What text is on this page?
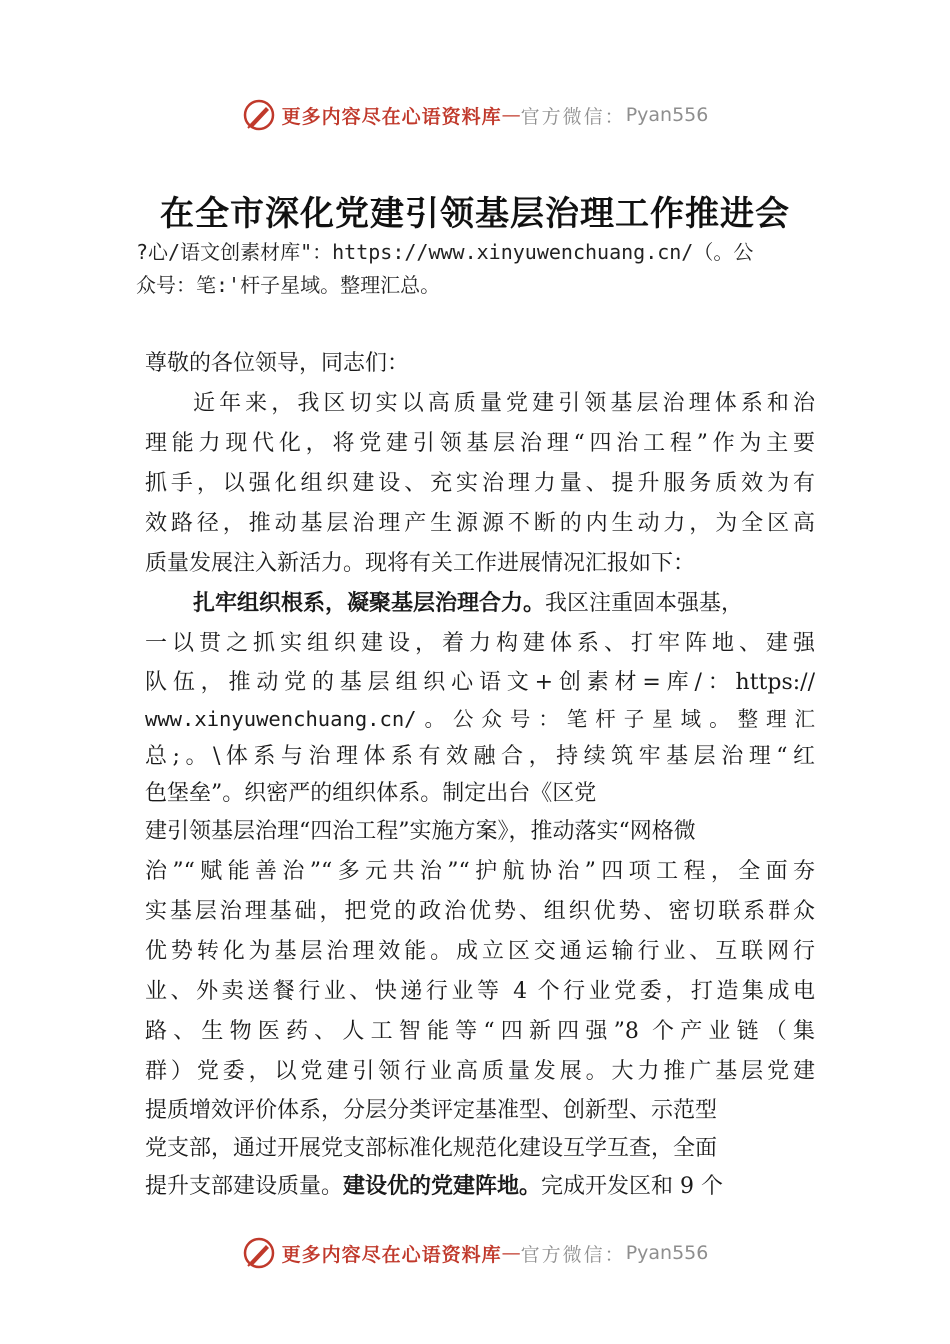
更多内容尽在心语资料库 — 官方微信： Pyan556
在全市深化党建引领基层治理工作推进会
?心/语文创素材库"：https://www.xinyuwenchuang.cn/（。公
众号：笔:'杆子星域。整理汇总。
尊敬的各位领导，同志们：
近年来，我区切实以高质量党建引领基层治理体系和治
理能力现代化，将党建引领基层治理“四治工程”作为主要
抓手，以强化组织建设、充实治理力量、提升服务质效为有
效路径，推动基层治理产生源源不断的内生动力，为全区高
质量发展注入新活力。现将有关工作进展情况汇报如下：
扎牢组织根系，凝聚基层治理合力。我区注重固本强基，
一以贯之抓实组织建设，着力构建体系、打牢阵地、建强
队伍，推动党的基层组织心语文+创素材=库/：https://
www.xinyuwenchuang.cn/。公众号：笔杆子星域。整理汇
总;。\体系与治理体系有效融合，持续筑牢基层治理“红
色堡垒”。织密严的组织体系。制定出台《区党
建引领基层治理“四治工程”实施方案》，推动落实“网格微
治”“赋能善治”“多元共治”“护航协治”四项工程，全面夯
实基层治理基础，把党的政治优势、组织优势、密切联系群众
优势转化为基层治理效能。成立区交通运输行业、互联网行
业、外卖送餐行业、快递行业等 4 个行业党委，打造集成电
路、生物医药、人工智能等“四新四强”8 个产业链（集
群）党委，以党建引领行业高质量发展。大力推广基层党建
提质增效评价体系，分层分类评定基准型、创新型、示范型
党支部，通过开展党支部标准化规范化建设互学互查，全面
提升支部建设质量。建设优的党建阵地。完成开发区和 9 个
更多内容尽在心语资料库 — 官方微信： Pyan556
